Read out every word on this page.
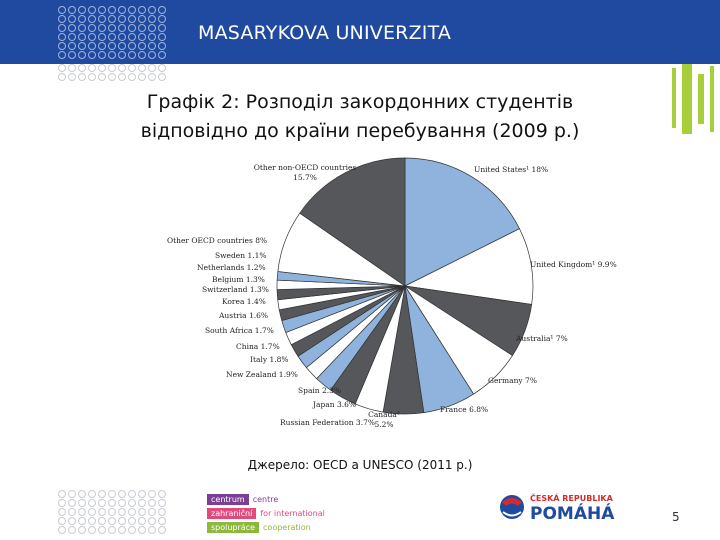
MASARYKOVA UNIVERZITA
Графік 2: Розподіл закордонних студентів
відповідно до країни перебування (2009 р.)
United States¹ 18%
United Kingdom¹ 9.9%
Australia¹ 7%
Germany 7%
France 6.8%
Canada²
5.2%
Russian Federation 3.7%
Japan 3.6%
Spain 2.3%
New Zealand 1.9%
Italy 1.8%
China 1.7%
South Africa 1.7%
Austria 1.6%
Korea 1.4%
Switzerland 1.3%
Belgium 1.3%
Netherlands 1.2%
Sweden 1.1%
Other OECD countries 8%
Other non-OECD countries
15.7%
Джерело: OECD a UNESCO (2011 р.)
centrum centre
zahraniční for international
spolupráce cooperation
ČESKÁ REPUBLIKA
POMÁHÁ	5
